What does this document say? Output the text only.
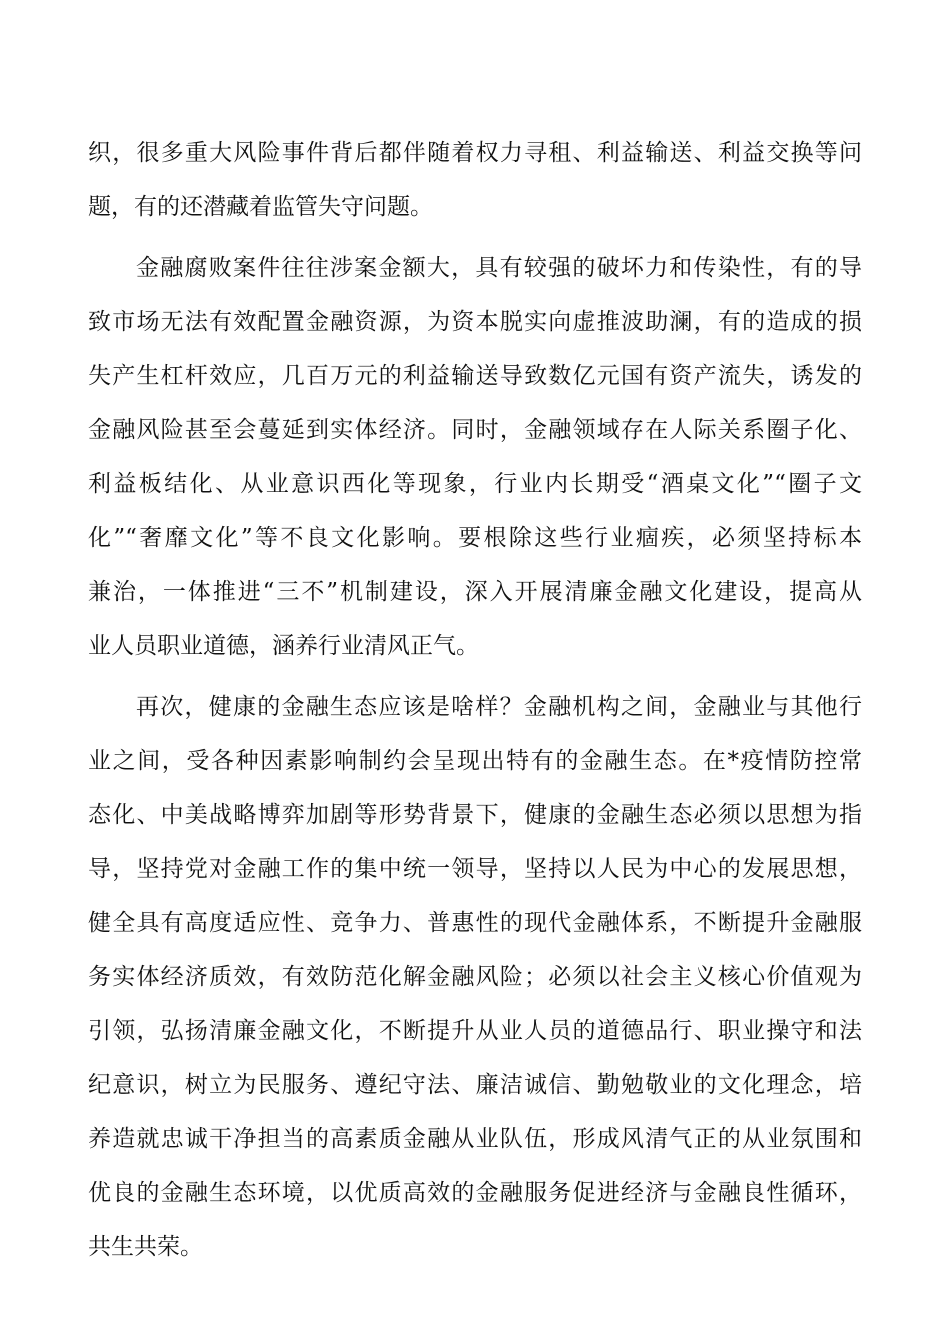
织，很多重大风险事件背后都伴随着权力寻租、利益输送、利益交换等问
题，有的还潜藏着监管失守问题。
金融腐败案件往往涉案金额大，具有较强的破坏力和传染性，有的导
致市场无法有效配置金融资源，为资本脱实向虚推波助澜，有的造成的损
失产生杠杆效应，几百万元的利益输送导致数亿元国有资产流失，诱发的
金融风险甚至会蔓延到实体经济。同时，金融领域存在人际关系圈子化、
利益板结化、从业意识西化等现象，行业内长期受“酒桌文化”“圈子文
化”“奢靡文化”等不良文化影响。要根除这些行业痼疾，必须坚持标本
兼治，一体推进“三不”机制建设，深入开展清廉金融文化建设，提高从
业人员职业道德，涵养行业清风正气。
再次，健康的金融生态应该是啥样？金融机构之间，金融业与其他行
业之间，受各种因素影响制约会呈现出特有的金融生态。在*疫情防控常
态化、中美战略博弈加剧等形势背景下，健康的金融生态必须以思想为指
导，坚持党对金融工作的集中统一领导，坚持以人民为中心的发展思想，
健全具有高度适应性、竞争力、普惠性的现代金融体系，不断提升金融服
务实体经济质效，有效防范化解金融风险；必须以社会主义核心价值观为
引领，弘扬清廉金融文化，不断提升从业人员的道德品行、职业操守和法
纪意识，树立为民服务、遵纪守法、廉洁诚信、勤勉敬业的文化理念，培
养造就忠诚干净担当的高素质金融从业队伍，形成风清气正的从业氛围和
优良的金融生态环境，以优质高效的金融服务促进经济与金融良性循环，
共生共荣。
